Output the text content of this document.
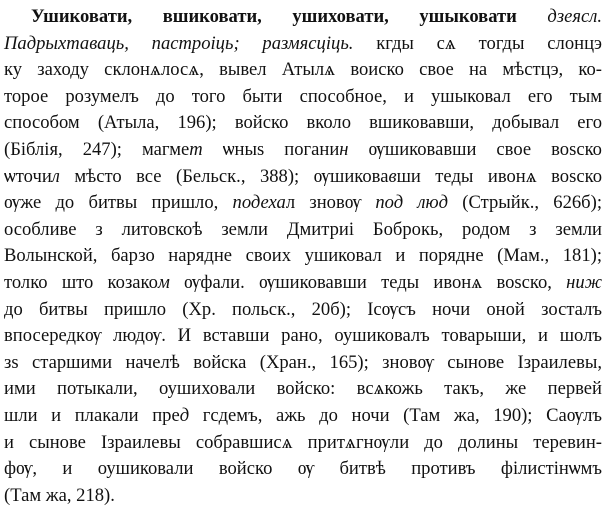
Ушиковати, вшиковати, ушиховати, ушыковати дзеясл.
Падрыхтаваць, пастроіць; размясціць. кгды сѧ тогды слонцэ
ку заходу склонѧлосѧ, вывел Атылѧ воиско свое на мѣстцэ, ко-
торое розумелъ до того быти способное, и ушыковал его тым
способом (Атыла, 196); войско вколо вшиковавши, добывал его
(Біблія, 247); магмет ѡныѕ поганин ѹшиковавши свое воѕско
ѡточил мѣсто все (Бельск., 388); ѹшиковавши теды ивонѧ воѕско
ѹже до битвы пришло, подехал зновѹ под люд (Стрыйк., 626б);
особливе з литовскоѣ земли Дмитриі Боброкь, родом з земли
Волынской, барзо нарядне своих ушиковал и порядне (Мам., 181);
толко што козаком ѹфали. ѹшиковавши теды ивонѧ воѕско, ниж
до битвы пришло (Хр. польск., 20б); Ісѹсъ ночи оной зосталъ
впосередкѹ людѹ. И вставши рано, оушиковалъ товарыши, и шолъ
зѕ старшими начелѣ войска (Хран., 165); зновѹ сынове Ізраилевы,
ими потыкали, оушиховали войско: всѧкожь такъ, же первей
шли и плакали пред гсдемъ, ажь до ночи (Там жа, 190); Саѹлъ
и сынове Ізраилевы собравшисѧ притѧгнѹли до долины теревин-
фѹ, и оушиковали войско ѹ битвѣ противъ філистінѡмъ
(Там жа, 218).
